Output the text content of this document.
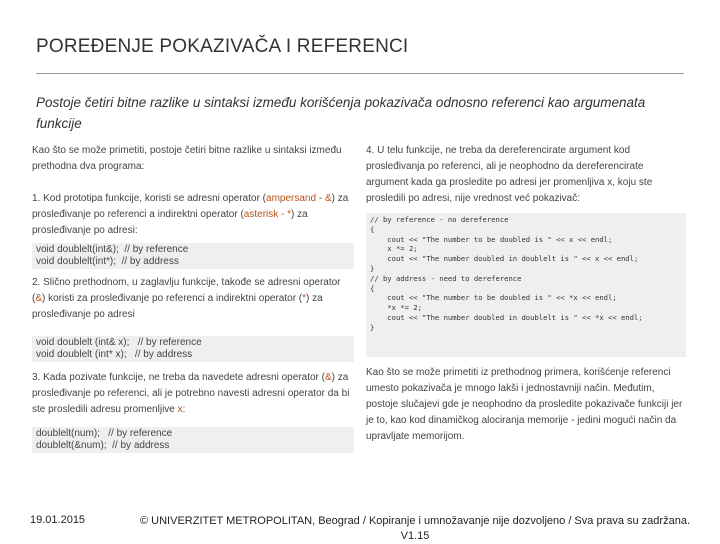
POREĐENJE POKAZIVAČA I REFERENCI
Postoje četiri bitne razlike u sintaksi između korišćenja pokazivača odnosno referenci kao argumenata funkcije

Kao što se može primetiti, postoje četiri bitne razlike u sintaksi između prethodna dva programa:

1. Kod prototipa funkcije, koristi se adresni operator (ampersand - &) za prosleđivanje po referenci a indirektni operator (asterisk - *) za prosleđivanje po adresi:

void doublelt(int&);  // by reference
void doublelt(int*);  // by address

2. Slično prethodnom, u zaglavlju funkcije, takođe se adresni operator (&) koristi za prosleđivanje po referenci a indirektni operator (*) za prosleđivanje po adresi

void doublelt (int& x);   // by reference
void doublelt (int* x);   // by address

3. Kada pozivate funkcije, ne treba da navedete adresni operator (&) za prosleđivanje po referenci, ali je potrebno navesti adresni operator da bi ste prosledili adresu promenljive x:

doublelt(num);   // by reference
doublelt(&num);  // by address

4. U telu funkcije, ne treba da dereferencirate argument kod prosleđivanja po referenci, ali je neophodno da dereferencirate argument kada ga prosledite po adresi jer promenljiva x, koju ste prosledili po adresi, nije vrednost već pokazivač:

// by reference - no dereference
{
cout << "The number to be doubled is " << x << endl;
x *= 2;
cout << "The number doubled in doublelt is " << x << endl;
}
// by address - need to dereference
{
cout << "The number to be doubled is " << *x << endl;
*x *= 2;
cout << "The number doubled in doublelt is " << *x << endl;
}

Kao što se može primetiti iz prethodnog primera, korišćenje referenci umesto pokazivača je mnogo lakši i jednostavniji način. Međutim, postoje slučajevi gde je neophodno da prosledite pokazivače funkciji jer je to, kao kod dinamičkog alociranja memorije - jedini mogući način da upravljate memorijom.

19.01.2015	© UNIVERZITET METROPOLITAN, Beograd / Kopiranje i umnožavanje nije dozvoljeno / Sva prava su zadržana. V1.15
